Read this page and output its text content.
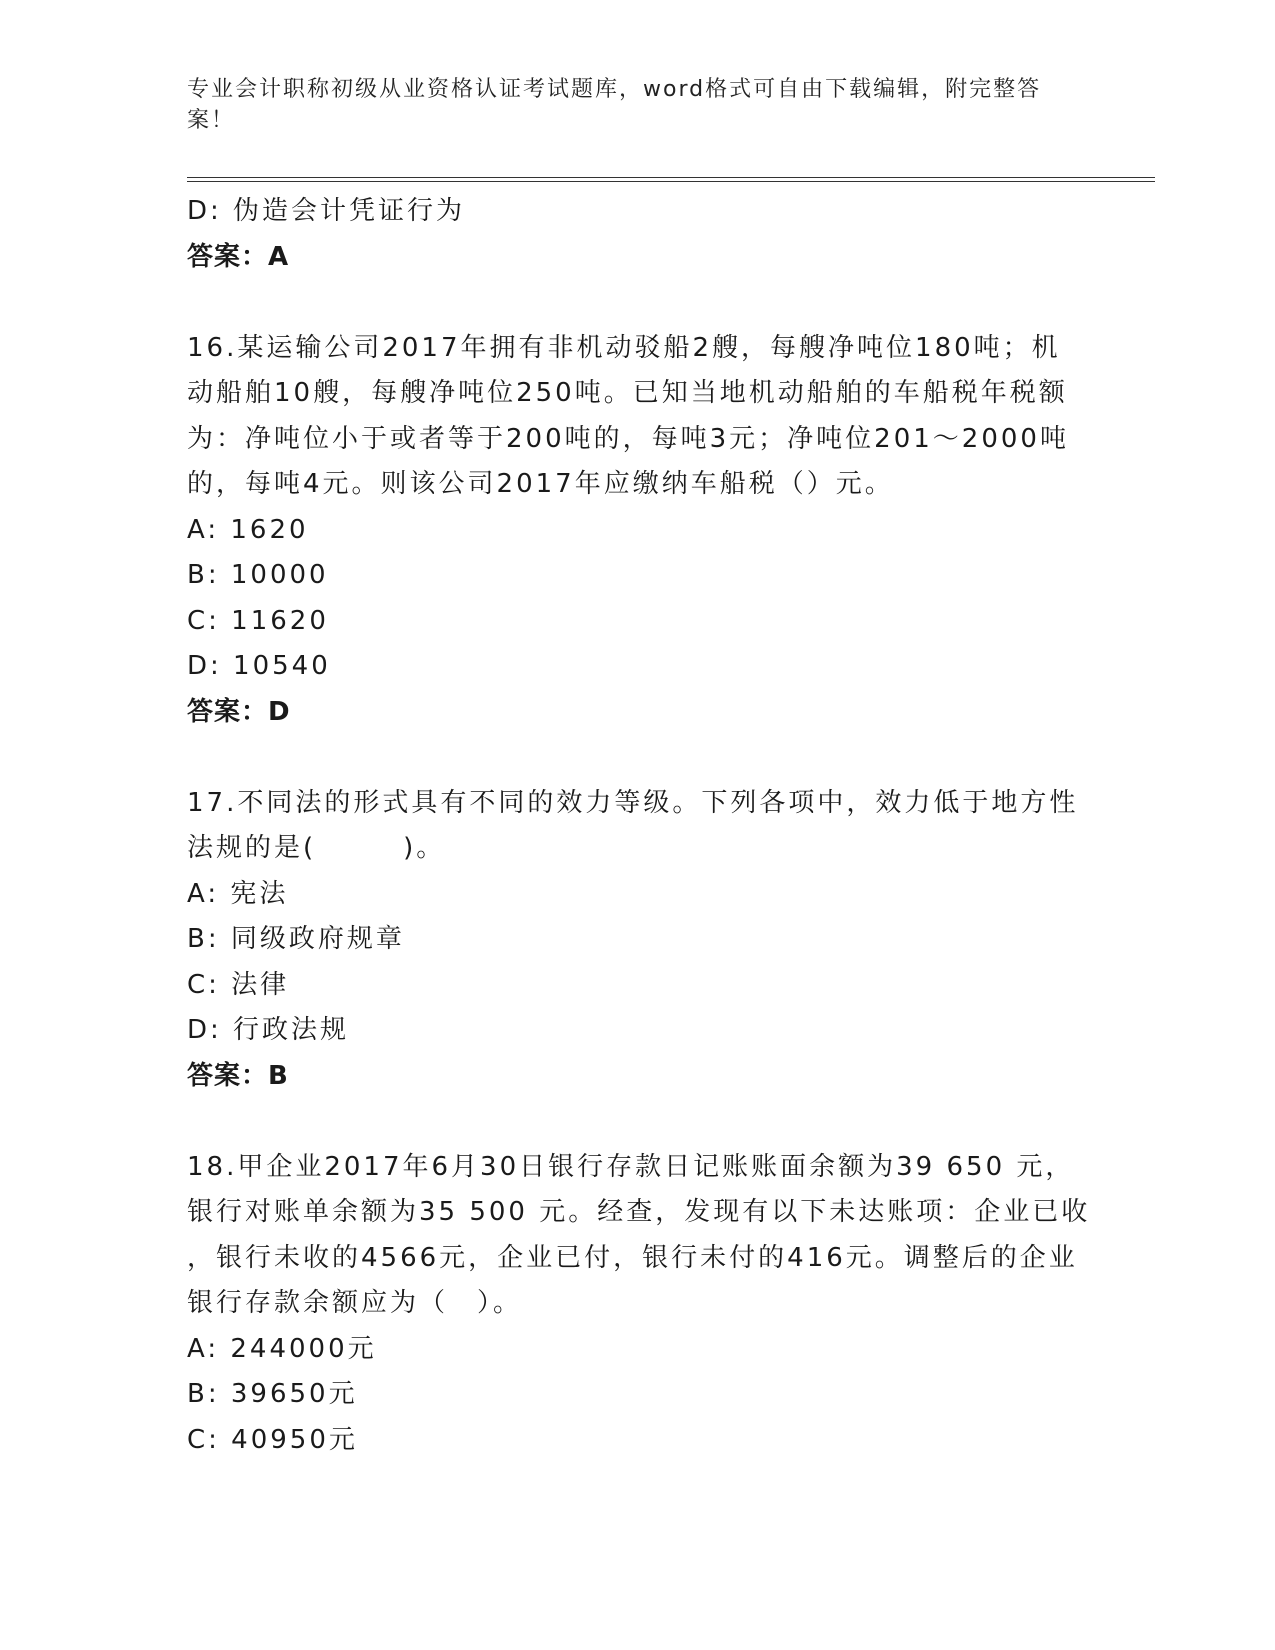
专业会计职称初级从业资格认证考试题库，word格式可自由下载编辑，附完整答
案！
D: 伪造会计凭证行为
答案：A
16.某运输公司2017年拥有非机动驳船2艘，每艘净吨位180吨；机
动船舶10艘，每艘净吨位250吨。已知当地机动船舶的车船税年税额
为：净吨位小于或者等于200吨的，每吨3元；净吨位201～2000吨
的，每吨4元。则该公司2017年应缴纳车船税（）元。
A: 1620
B: 10000
C: 11620
D: 10540
答案：D
17.不同法的形式具有不同的效力等级。下列各项中，效力低于地方性
法规的是(　　　)。
A: 宪法
B: 同级政府规章
C: 法律
D: 行政法规
答案：B
18.甲企业2017年6月30日银行存款日记账账面余额为39 650 元，
银行对账单余额为35 500 元。经查，发现有以下未达账项：企业已收
，银行未收的4566元，企业已付，银行未付的416元。调整后的企业
银行存款余额应为（　）。
A: 244000元
B: 39650元
C: 40950元
